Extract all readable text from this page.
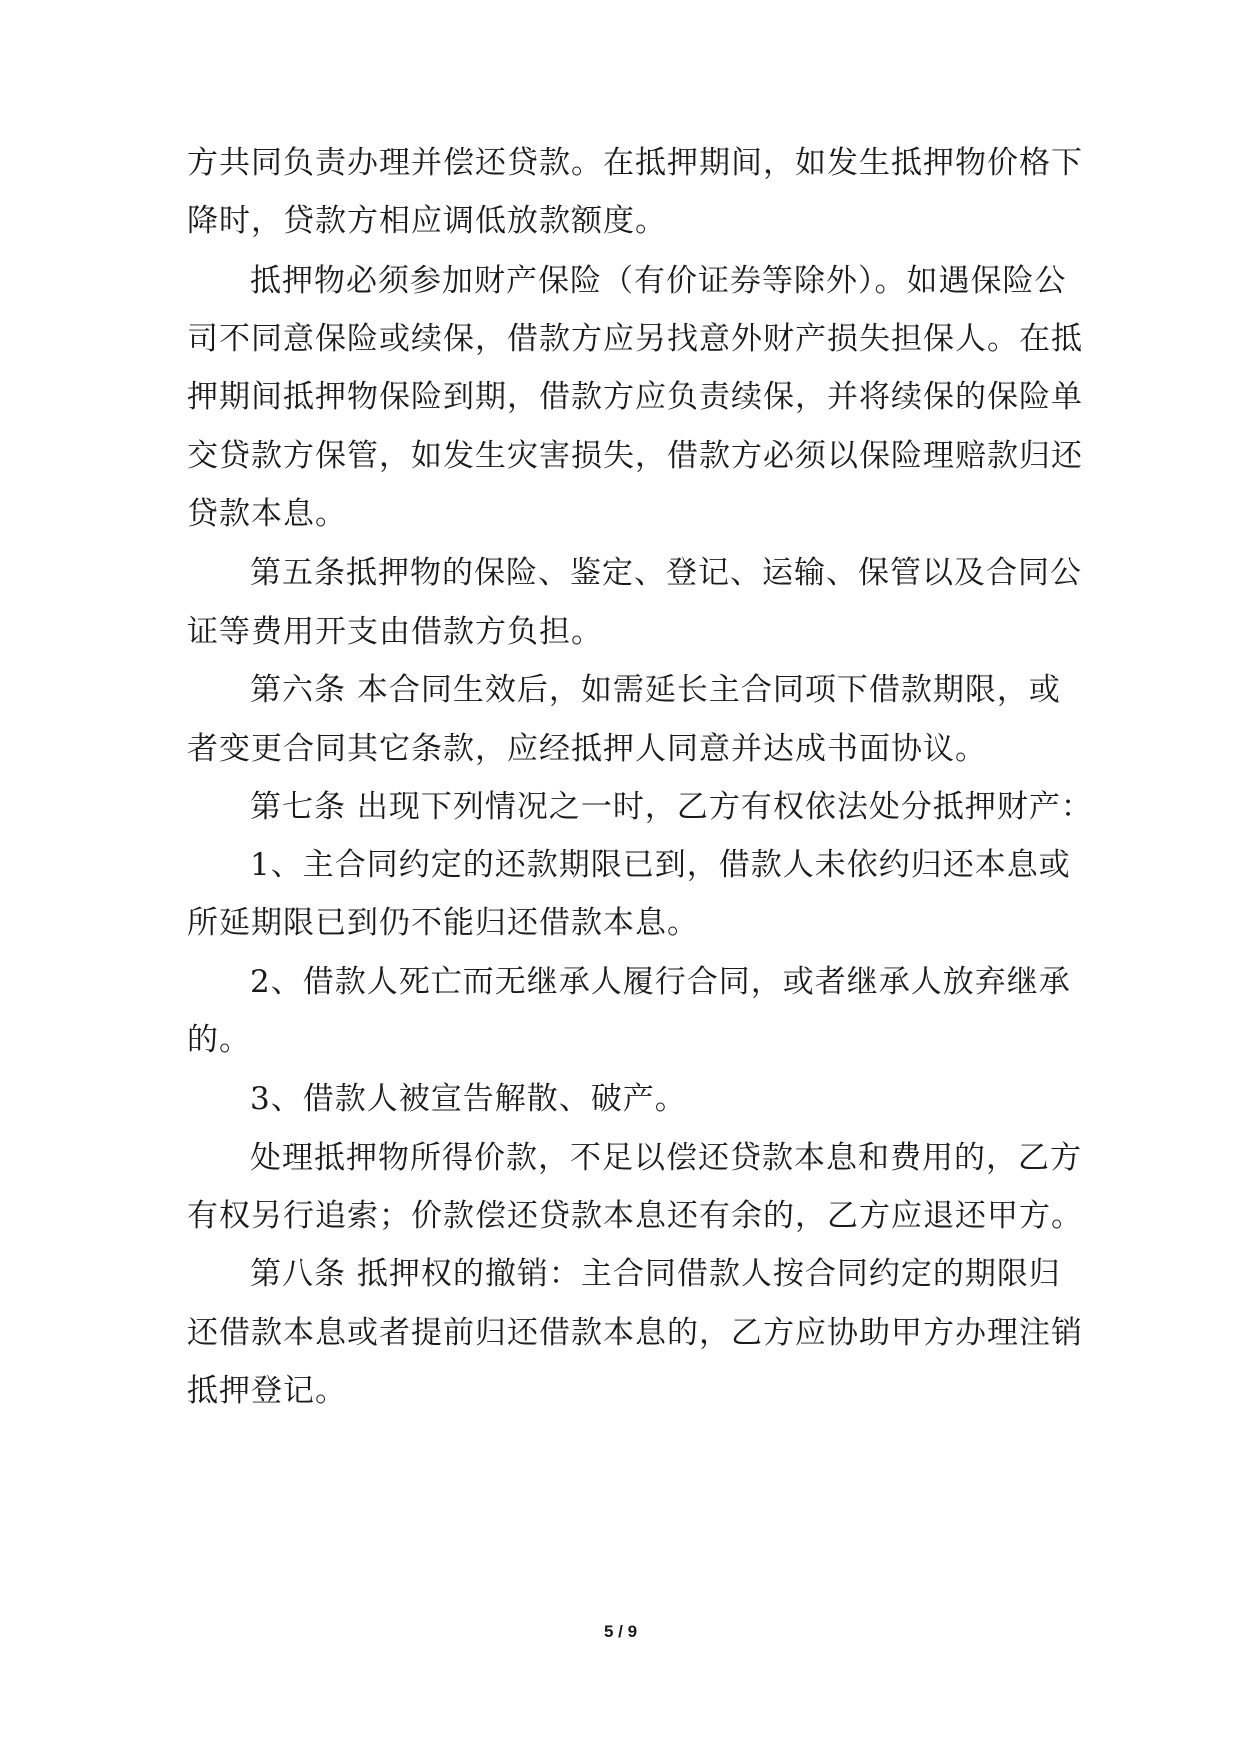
方共同负责办理并偿还贷款。在抵押期间，如发生抵押物价格下
降时，贷款方相应调低放款额度。
抵押物必须参加财产保险（有价证券等除外）。如遇保险公
司不同意保险或续保，借款方应另找意外财产损失担保人。在抵
押期间抵押物保险到期，借款方应负责续保，并将续保的保险单
交贷款方保管，如发生灾害损失，借款方必须以保险理赔款归还
贷款本息。
第五条抵押物的保险、鉴定、登记、运输、保管以及合同公
证等费用开支由借款方负担。
第六条 本合同生效后，如需延长主合同项下借款期限，或
者变更合同其它条款，应经抵押人同意并达成书面协议。
第七条 出现下列情况之一时，乙方有权依法处分抵押财产：
1、主合同约定的还款期限已到，借款人未依约归还本息或
所延期限已到仍不能归还借款本息。
2、借款人死亡而无继承人履行合同，或者继承人放弃继承
的。
3、借款人被宣告解散、破产。
处理抵押物所得价款，不足以偿还贷款本息和费用的，乙方
有权另行追索；价款偿还贷款本息还有余的，乙方应退还甲方。
第八条 抵押权的撤销：主合同借款人按合同约定的期限归
还借款本息或者提前归还借款本息的，乙方应协助甲方办理注销
抵押登记。
5 / 9
